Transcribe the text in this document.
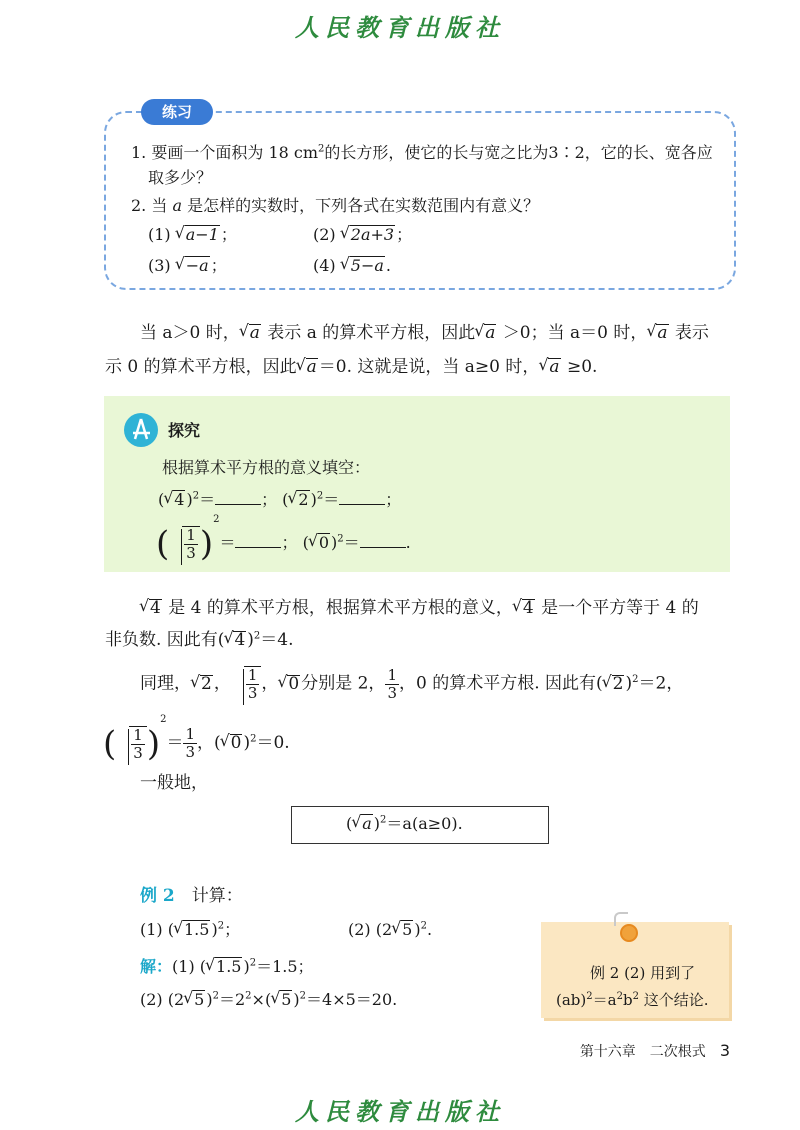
人民教育出版社
练习
1. 要画一个面积为 18 $cm^2$的长方形，使它的长与宽之比为3∶2，它的长、宽各应
取多少？
2. 当 a 是怎样的实数时，下列各式在实数范围内有意义？
(1) √ a−1 ；	(2) √ 2a+3 ；
(3) √ −a ；	(4) √ 5−a .
当 a＞0 时，√ a 表示 a 的算术平方根，因此√ a ＞0；当 a＝0 时，√ a 表示
示 0 的算术平方根，因此√ a ＝0. 这就是说，当 a≥0 时，√ a ≥0.
探究
根据算术平方根的意义填空：
(√ 4 )$^2$＝	； (√ 2 )$^2$＝	；
( $\frac{1}{3} )^2=$	； (√ 0 )$^2$＝	.
√ 4 是 4 的算术平方根，根据算术平方根的意义，√ 4 是一个平方等于 4 的
非负数. 因此有(√ 4 )$^2$＝4.
同理，√ 2 ， $\frac{1}{3}$ ，√ 0 分别是 2， $\frac{1}{3}$ ，0 的算术平方根. 因此有(√ 2 )$^2$＝2，
( $\frac{1}{3} )^2= \frac{1}{3}$ ，(√ 0 )$^2$＝0.
一般地，
(√ a )$^2$＝a(a≥0).
例 2　 计算：
(1) (√ 1.5 )$^2$；	(2) (2√ 5 )$^2$.
解：(1) (√ 1.5 )$^2$＝1.5；
(2) (2√ 5 )$^2=2^2\times(√$ 5 )$^2$＝4×5＝20.
例 2 (2) 用到了
$(ab)^2=a^2b^2$ 这个结论.
第十六章　二次根式　 3
人民教育出版社
